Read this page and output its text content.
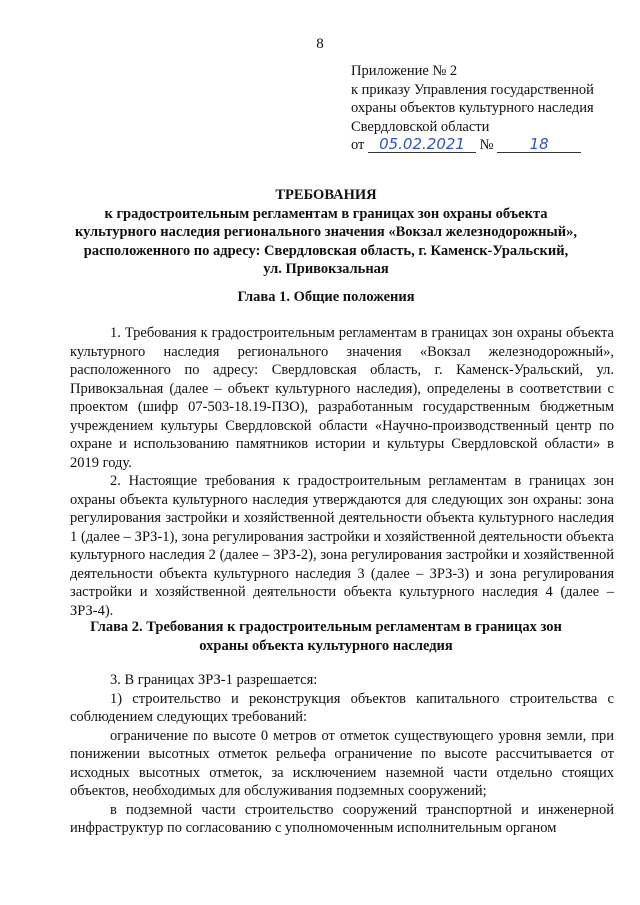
8
Приложение № 2
к приказу Управления государственной
охраны объектов культурного наследия
Свердловской области
от 05.02.2021 № 18
ТРЕБОВАНИЯ
к градостроительным регламентам в границах зон охраны объекта
культурного наследия регионального значения «Вокзал железнодорожный»,
расположенного по адресу: Свердловская область, г. Каменск-Уральский,
ул. Привокзальная
Глава 1. Общие положения

1. Требования к градостроительным регламентам в границах зон охраны объекта культурного наследия регионального значения «Вокзал железнодорожный», расположенного по адресу: Свердловская область, г. Каменск-Уральский, ул. Привокзальная (далее – объект культурного наследия), определены в соответствии с проектом (шифр 07-503-18.19-ПЗО), разработанным государственным бюджетным учреждением культуры Свердловской области «Научно-производственный центр по охране и использованию памятников истории и культуры Свердловской области» в 2019 году.

2. Настоящие требования к градостроительным регламентам в границах зон охраны объекта культурного наследия утверждаются для следующих зон охраны: зона регулирования застройки и хозяйственной деятельности объекта культурного наследия 1 (далее – ЗРЗ-1), зона регулирования застройки и хозяйственной деятельности объекта культурного наследия 2 (далее – ЗРЗ-2), зона регулирования застройки и хозяйственной деятельности объекта культурного наследия 3 (далее – ЗРЗ-3) и зона регулирования застройки и хозяйственной деятельности объекта культурного наследия 4 (далее – ЗРЗ-4).

Глава 2. Требования к градостроительным регламентам в границах зон
охраны объекта культурного наследия

3. В границах ЗРЗ-1 разрешается:

1) строительство и реконструкция объектов капитального строительства с соблюдением следующих требований:

ограничение по высоте 0 метров от отметок существующего уровня земли, при понижении высотных отметок рельефа ограничение по высоте рассчитывается от исходных высотных отметок, за исключением наземной части отдельно стоящих объектов, необходимых для обслуживания подземных сооружений;

в подземной части строительство сооружений транспортной и инженерной инфраструктур по согласованию с уполномоченным исполнительным органом
